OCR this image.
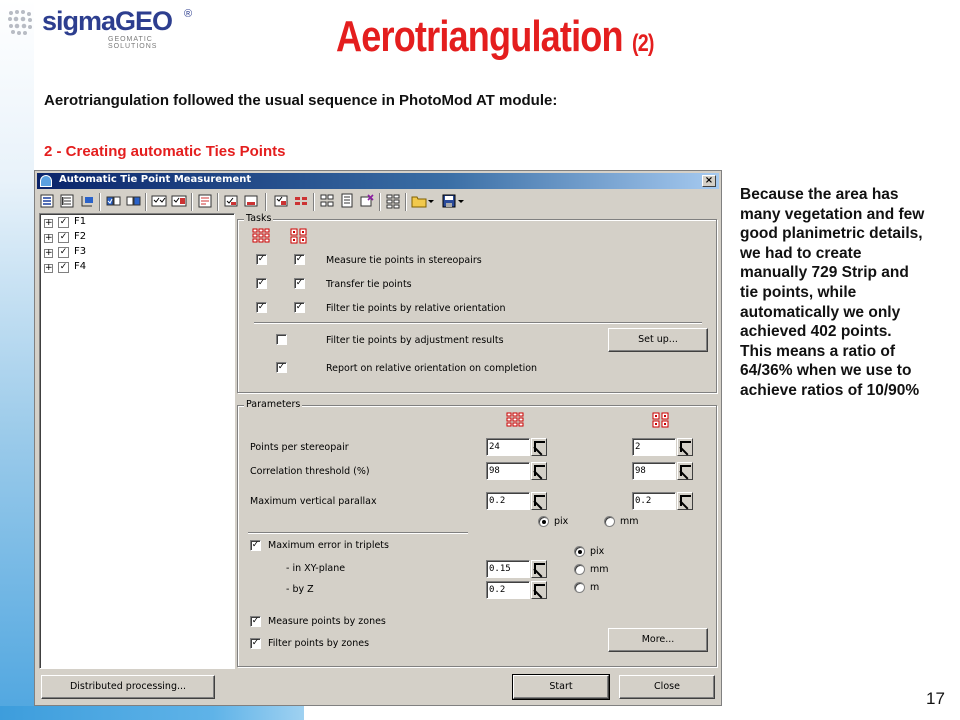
sigmaGEO ®
GEOMATIC SOLUTIONS	Aerotriangulation (2)
Aerotriangulation followed the usual sequence in PhotoMod AT module:
2 - Creating automatic Ties Points

Because the area has many vegetation and few good planimetric details, we had to create manually 729 Strip and tie points, while automatically we only achieved 402 points.

This means a ratio of 64/36% when we use to achieve ratios of 10/90%

17
Automatic Tie Point Measurement	×
+ ✓ F1
+ ✓ F2
+ ✓ F3
+ ✓ F4
Tasks
✓	✓ Measure tie points in stereopairs
✓	✓ Transfer tie points
✓	✓ Filter tie points by relative orientation
Filter tie points by adjustment results	Set up...
✓	Report on relative orientation on completion
Parameters
Points per stereopair	24	2
Correlation threshold (%)	98	98
Maximum vertical parallax	0.2	0.2
pix	mm
✓ Maximum error in triplets
- in XY-plane	0.15
- by Z	0.2
pix
mm
m
✓ Measure points by zones
✓ Filter points by zones	More...
Distributed processing...	Start	Close
